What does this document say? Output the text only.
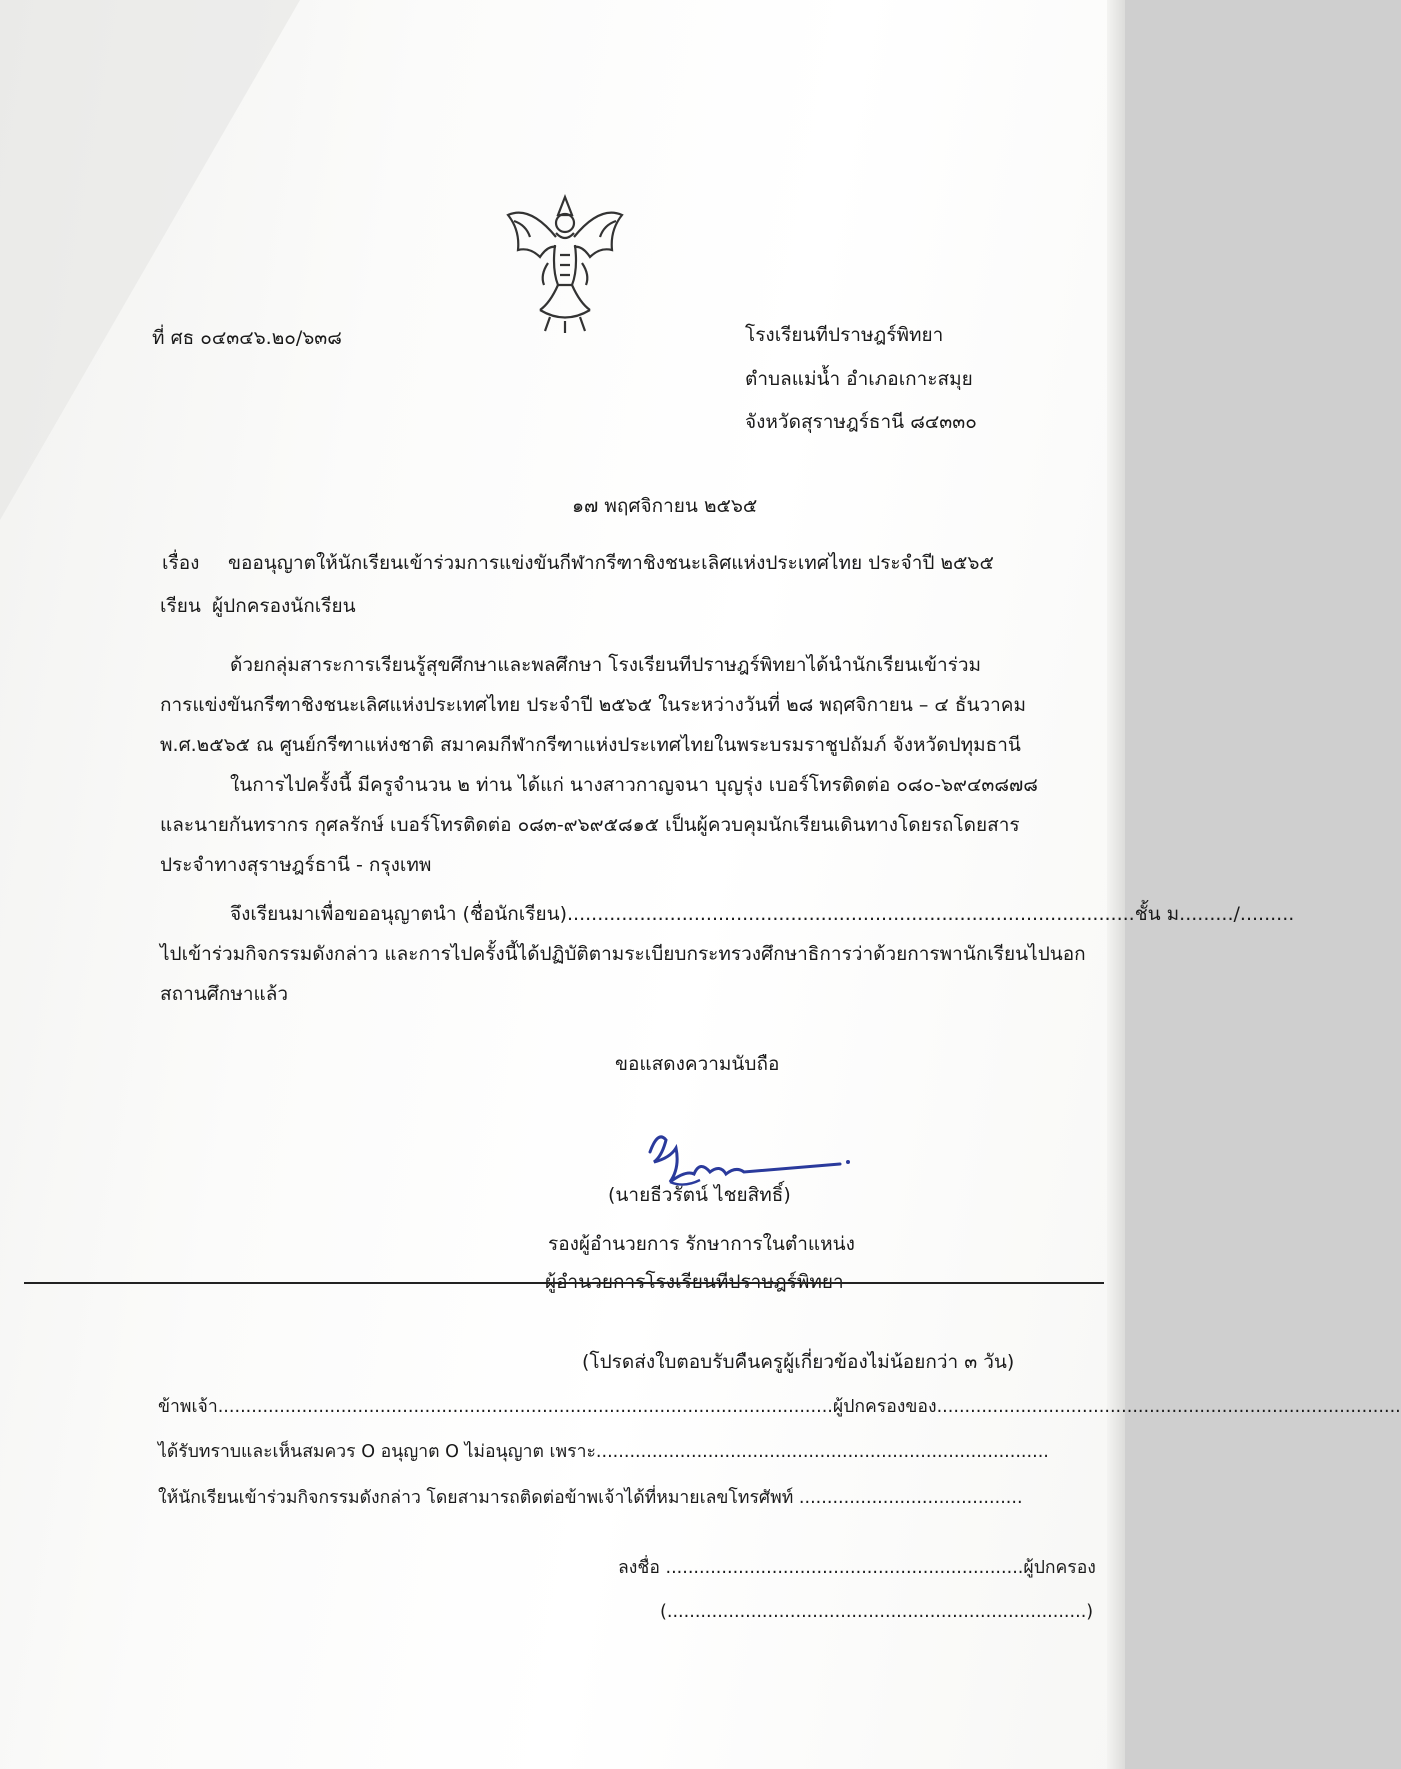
ที่ ศธ ๐๔๓๔๖.๒๐/๖๓๘	โรงเรียนทีปราษฎร์พิทยา
ตำบลแม่น้ำ อำเภอเกาะสมุย
จังหวัดสุราษฎร์ธานี ๘๔๓๓๐
๑๗ พฤศจิกายน ๒๕๖๕
เรื่อง ขออนุญาตให้นักเรียนเข้าร่วมการแข่งขันกีฬากรีฑาชิงชนะเลิศแห่งประเทศไทย ประจำปี ๒๕๖๕
เรียน ผู้ปกครองนักเรียน
ด้วยกลุ่มสาระการเรียนรู้สุขศึกษาและพลศึกษา โรงเรียนทีปราษฎร์พิทยาได้นำนักเรียนเข้าร่วม
การแข่งขันกรีฑาชิงชนะเลิศแห่งประเทศไทย ประจำปี ๒๕๖๕ ในระหว่างวันที่ ๒๘ พฤศจิกายน – ๔ ธันวาคม
พ.ศ.๒๕๖๕ ณ ศูนย์กรีฑาแห่งชาติ สมาคมกีฬากรีฑาแห่งประเทศไทยในพระบรมราชูปถัมภ์ จังหวัดปทุมธานี
ในการไปครั้งนี้ มีครูจำนวน ๒ ท่าน ได้แก่ นางสาวกาญจนา บุญรุ่ง เบอร์โทรติดต่อ ๐๘๐-๖๙๔๓๘๗๘
และนายกันทรากร กุศลรักษ์ เบอร์โทรติดต่อ ๐๘๓-๙๖๙๕๘๑๕ เป็นผู้ควบคุมนักเรียนเดินทางโดยรถโดยสาร
ประจำทางสุราษฎร์ธานี - กรุงเทพ
จึงเรียนมาเพื่อขออนุญาตนำ (ชื่อนักเรียน)..............................................................................................ชั้น ม........./.........
ไปเข้าร่วมกิจกรรมดังกล่าว และการไปครั้งนี้ได้ปฏิบัติตามระเบียบกระทรวงศึกษาธิการว่าด้วยการพานักเรียนไปนอก
สถานศึกษาแล้ว
ขอแสดงความนับถือ
(นายธีวรัตน์ ไชยสิทธิ์)
รองผู้อำนวยการ รักษาการในตำแหน่ง
ผู้อำนวยการโรงเรียนทีปราษฎร์พิทยา
(โปรดส่งใบตอบรับคืนครูผู้เกี่ยวข้องไม่น้อยกว่า ๓ วัน)
ข้าพเจ้า..............................................................................................................ผู้ปกครองของ...................................................................................
ได้รับทราบและเห็นสมควร O อนุญาต O ไม่อนุญาต เพราะ.................................................................................
ให้นักเรียนเข้าร่วมกิจกรรมดังกล่าว โดยสามารถติดต่อข้าพเจ้าได้ที่หมายเลขโทรศัพท์ ........................................
ลงชื่อ ................................................................ผู้ปกครอง
(...........................................................................)
